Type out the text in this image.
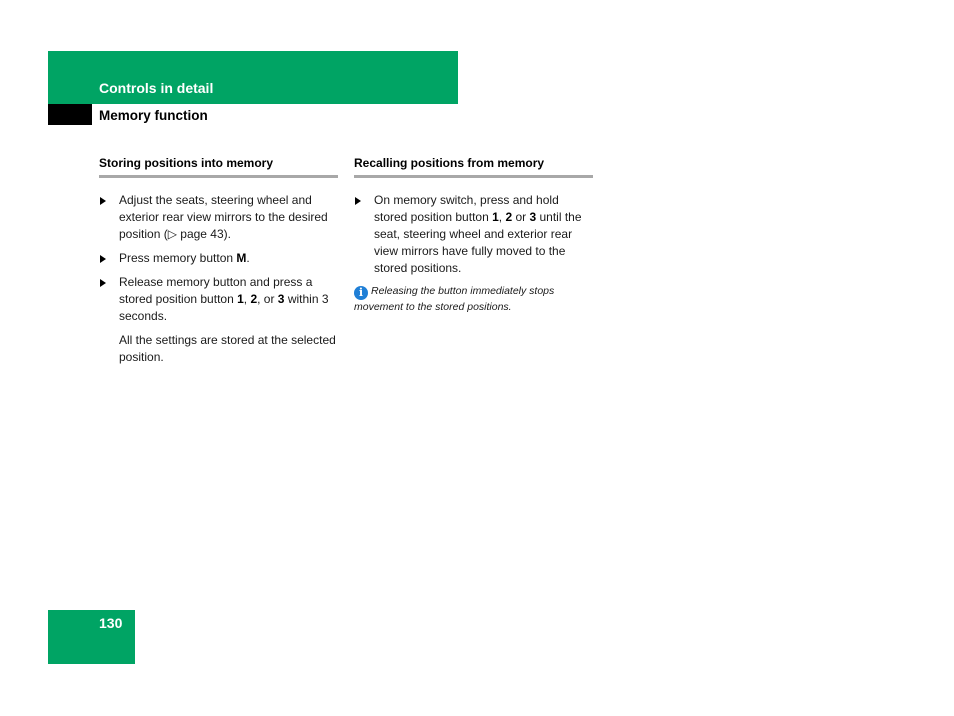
Controls in detail
Memory function
Storing positions into memory
Adjust the seats, steering wheel and exterior rear view mirrors to the desired position (▷ page 43).
Press memory button M.
Release memory button and press a stored position button 1, 2, or 3 within 3 seconds.
All the settings are stored at the selected position.
Recalling positions from memory
On memory switch, press and hold stored position button 1, 2 or 3 until the seat, steering wheel and exterior rear view mirrors have fully moved to the stored positions.
i Releasing the button immediately stops movement to the stored positions.
130
